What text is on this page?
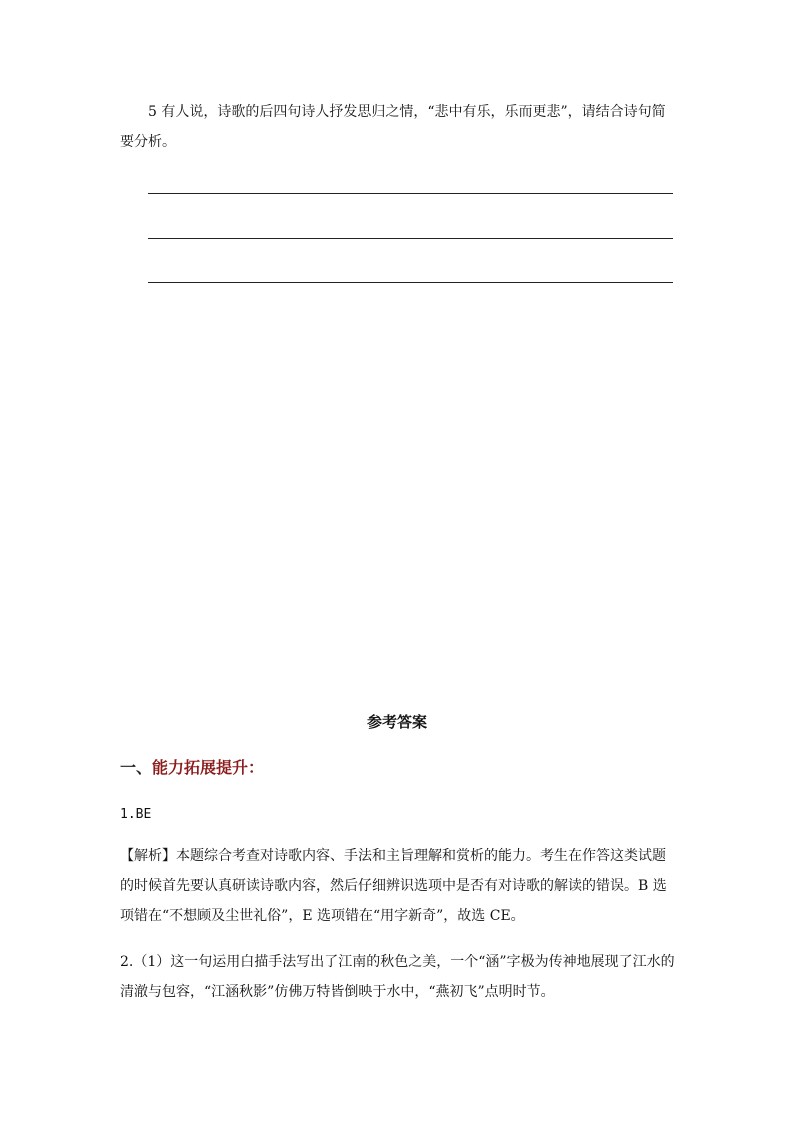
5 有人说，诗歌的后四句诗人抒发思归之情，“悲中有乐，乐而更悲”，请结合诗句简要分析。

参考答案
一、能力拓展提升：

1.BE

【解析】本题综合考查对诗歌内容、手法和主旨理解和赏析的能力。考生在作答这类试题的时候首先要认真研读诗歌内容，然后仔细辨识选项中是否有对诗歌的解读的错误。B 选项错在“不想顾及尘世礼俗”，E 选项错在“用字新奇”，故选 CE。

2.（1）这一句运用白描手法写出了江南的秋色之美，一个“涵”字极为传神地展现了江水的清澈与包容，“江涵秋影”仿佛万特皆倒映于水中，“燕初飞”点明时节。
